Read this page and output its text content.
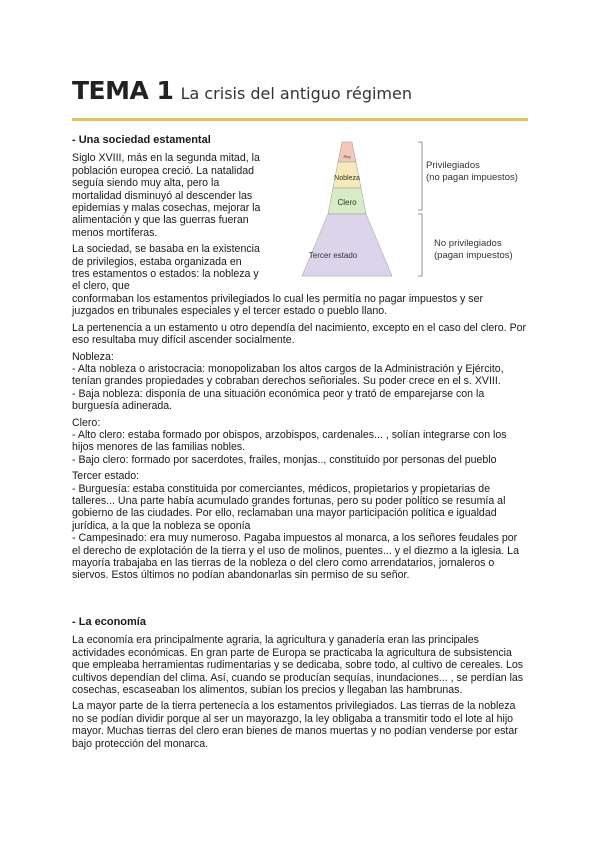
TEMA 1 La crisis del antiguo régimen
Rey
Nobleza
Clero
Tercer estado
Privilegiados
(no pagan impuestos)
No privilegiados
(pagan impuestos)

- Una sociedad estamental

Siglo XVIII, más en la segunda mitad, la población europea creció. La natalidad seguía siendo muy alta, pero la mortalidad disminuyó al descender las epidemias y malas cosechas, mejorar la alimentación y que las guerras fueran menos mortíferas.

La sociedad, se basaba en la existencia de privilegios, estaba organizada en tres estamentos o estados: la nobleza y el clero, que

conformaban los estamentos privilegiados lo cual les permitía no pagar impuestos y ser juzgados en tribunales especiales y el tercer estado o pueblo llano.

La pertenencia a un estamento u otro dependía del nacimiento, excepto en el caso del clero. Por eso resultaba muy difícil ascender socialmente.

Nobleza:

- Alta nobleza o aristocracia: monopolizaban los altos cargos de la Administración y Ejército, tenían grandes propiedades y cobraban derechos señoriales. Su poder crece en el s. XVIII.

- Baja nobleza: disponía de una situación económica peor y trató de emparejarse con la burguesía adinerada.

Clero:

- Alto clero: estaba formado por obispos, arzobispos, cardenales... , solían integrarse con los hijos menores de las familias nobles.

- Bajo clero: formado por sacerdotes, frailes, monjas.., constituido por personas del pueblo

Tercer estado:

- Burguesía: estaba constituida por comerciantes, médicos, propietarios y propietarias de talleres... Una parte había acumulado grandes fortunas, pero su poder político se resumía al gobierno de las ciudades. Por ello, reclamaban una mayor participación política e igualdad jurídica, a la que la nobleza se oponía

- Campesinado: era muy numeroso. Pagaba impuestos al monarca, a los señores feudales por el derecho de explotación de la tierra y el uso de molinos, puentes... y el diezmo a la iglesia. La mayoría trabajaba en las tierras de la nobleza o del clero como arrendatarios, jornaleros o siervos. Estos últimos no podían abandonarlas sin permiso de su señor.

- La economía

La economía era principalmente agraria, la agricultura y ganadería eran las principales actividades económicas. En gran parte de Europa se practicaba la agricultura de subsistencia que empleaba herramientas rudimentarias y se dedicaba, sobre todo, al cultivo de cereales. Los cultivos dependían del clima. Así, cuando se producían sequías, inundaciones... , se perdían las cosechas, escaseaban los alimentos, subían los precios y llegaban las hambrunas.

La mayor parte de la tierra pertenecía a los estamentos privilegiados. Las tierras de la nobleza no se podían dividir porque al ser un mayorazgo, la ley obligaba a transmitir todo el lote al hijo mayor. Muchas tierras del clero eran bienes de manos muertas y no podían venderse por estar bajo protección del monarca.
